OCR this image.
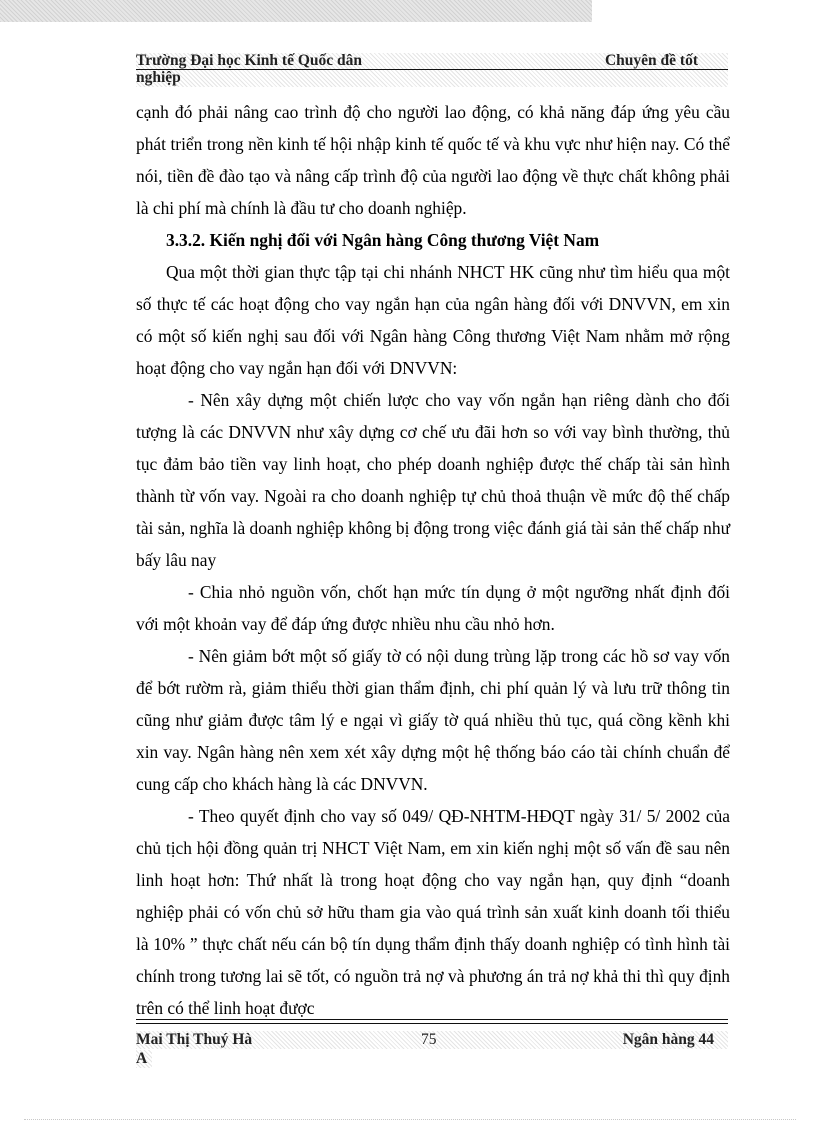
Trường Đại học Kinh tế Quốc dân	Chuyên đề tốt
nghiệp

cạnh đó phải nâng cao trình độ cho người lao động, có khả năng đáp ứng yêu cầu phát triển trong nền kinh tế hội nhập kinh tế quốc tế và khu vực như hiện nay. Có thể nói, tiền đề đào tạo và nâng cấp trình độ của người lao động về thực chất không phải là chi phí mà chính là đầu tư cho doanh nghiệp.

3.3.2. Kiến nghị đối với Ngân hàng Công thương Việt Nam

Qua một thời gian thực tập tại chi nhánh NHCT HK cũng như tìm hiểu qua một số thực tế các hoạt động cho vay ngắn hạn của ngân hàng đối với DNVVN, em xin có một số kiến nghị sau đối với Ngân hàng Công thương Việt Nam nhằm mở rộng hoạt động cho vay ngắn hạn đối với DNVVN:

- Nên xây dựng một chiến lược cho vay vốn ngắn hạn riêng dành cho đối tượng là các DNVVN như xây dựng cơ chế ưu đãi hơn so với vay bình thường, thủ tục đảm bảo tiền vay linh hoạt, cho phép doanh nghiệp được thế chấp tài sản hình thành từ vốn vay. Ngoài ra cho doanh nghiệp tự chủ thoả thuận về mức độ thế chấp tài sản, nghĩa là doanh nghiệp không bị động trong việc đánh giá tài sản thế chấp như bấy lâu nay

- Chia nhỏ nguồn vốn, chốt hạn mức tín dụng ở một ngưỡng nhất định đối với một khoản vay để đáp ứng được nhiều nhu cầu nhỏ hơn.

- Nên giảm bớt một số giấy tờ có nội dung trùng lặp trong các hồ sơ vay vốn để bớt rườm rà, giảm thiểu thời gian thẩm định, chi phí quản lý và lưu trữ thông tin cũng như giảm được tâm lý e ngại vì giấy tờ quá nhiều thủ tục, quá cồng kềnh khi xin vay. Ngân hàng nên xem xét xây dựng một hệ thống báo cáo tài chính chuẩn để cung cấp cho khách hàng là các DNVVN.

- Theo quyết định cho vay số 049/ QĐ-NHTM-HĐQT ngày 31/ 5/ 2002 của chủ tịch hội đồng quản trị NHCT Việt Nam, em xin kiến nghị một số vấn đề sau nên linh hoạt hơn: Thứ nhất là trong hoạt động cho vay ngắn hạn, quy định “doanh nghiệp phải có vốn chủ sở hữu tham gia vào quá trình sản xuất kinh doanh tối thiểu là 10% ” thực chất nếu cán bộ tín dụng thẩm định thấy doanh nghiệp có tình hình tài chính trong tương lai sẽ tốt, có nguồn trả nợ và phương án trả nợ khả thi thì quy định trên có thể linh hoạt được

Mai Thị Thuý Hà	75	Ngân hàng 44
A
